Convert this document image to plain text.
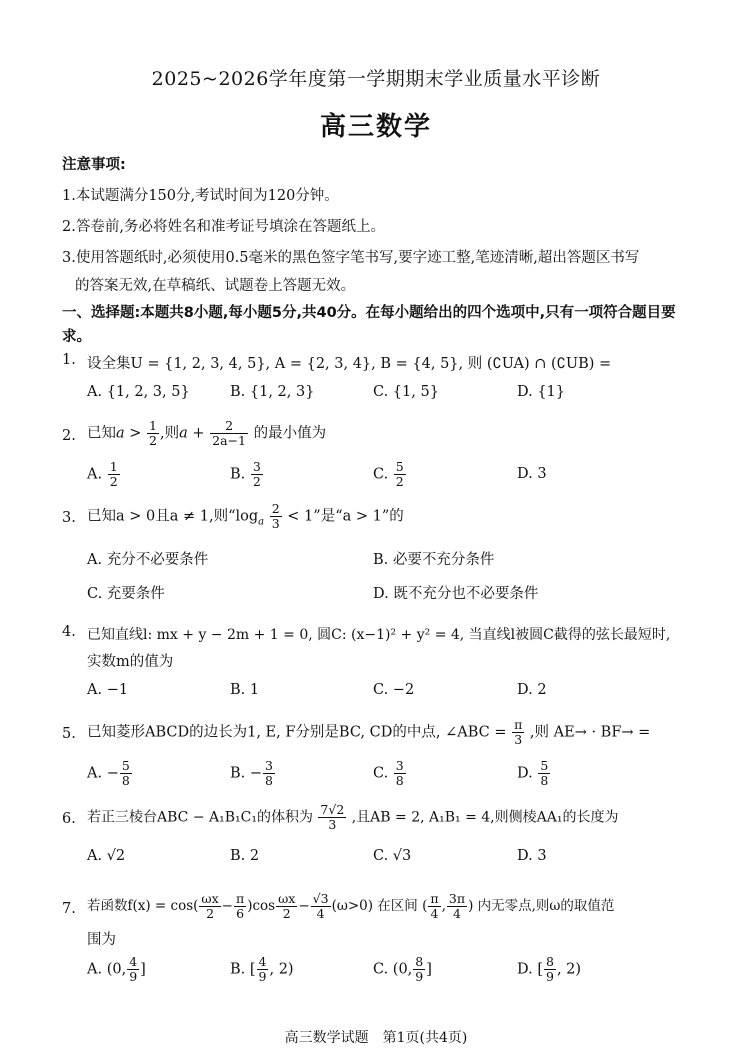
2025~2026学年度第一学期期末学业质量水平诊断
高三数学
注意事项:
1.本试题满分150分,考试时间为120分钟。
2.答卷前,务必将姓名和准考证号填涂在答题纸上。
3.使用答题纸时,必须使用0.5毫米的黑色签字笔书写,要字迹工整,笔迹清晰,超出答题区书写
的答案无效,在草稿纸、试题卷上答题无效。
一、选择题:本题共8小题,每小题5分,共40分。在每小题给出的四个选项中,只有一项符合题目要求。
1. 设全集U = {1, 2, 3, 4, 5}, A = {2, 3, 4}, B = {4, 5}, 则 (∁UA) ∩ (∁UB) =
A. {1, 2, 3, 5}	B. {1, 2, 3}	C. {1, 5}	D. {1}
2. 已知$a > \frac{1}{2}$ ,则$a + \frac{2}{2a-1}$ 的最小值为
A. $\frac{1}{2}$	B. $\frac{3}{2}$	C. $\frac{5}{2}$	D. 3
3. 已知a > 0且a ≠ 1,则“$\log_a \frac{2}{3} < 1$”是“a > 1”的
A. 充分不必要条件	B. 必要不充分条件
C. 充要条件	D. 既不充分也不必要条件
4. 已知直线l: mx + y − 2m + 1 = 0, 圆C: (x−1)² + y² = 4, 当直线l被圆C截得的弦长最短时,
实数m的值为
A. −1	B. 1	C. −2	D. 2
5. 已知菱形ABCD的边长为1, E, F分别是BC, CD的中点, ∠ABC = $\frac{\pi}{3}$ ,则 AE→ · BF→ =
A. − $\frac{5}{8}$	B. − $\frac{3}{8}$	C. $\frac{3}{8}$	D. $\frac{5}{8}$
6. 若正三棱台ABC − A₁B₁C₁的体积为 $\frac{7√2}{3}$ ,且AB = 2, A₁B₁ = 4,则侧棱AA₁的长度为
A. √2	B. 2	C. √3	D. 3
7. 若函数$f(x) = \cos( \frac{\omega x}{2} - \frac{\pi}{6} )\cos \frac{\omega x}{2} - \frac{√3}{4} (\omega>0)$ 在区间 ( $\frac{\pi}{4}$ , $\frac{3\pi}{4}$ ) 内无零点,则ω的取值范
围为
A. (0, $\frac{4}{9}$ ]	B. [ $\frac{4}{9}$ , 2)	C. (0, $\frac{8}{9}$ ]	D. [ $\frac{8}{9}$ , 2)
高三数学试题　第1页(共4页)
